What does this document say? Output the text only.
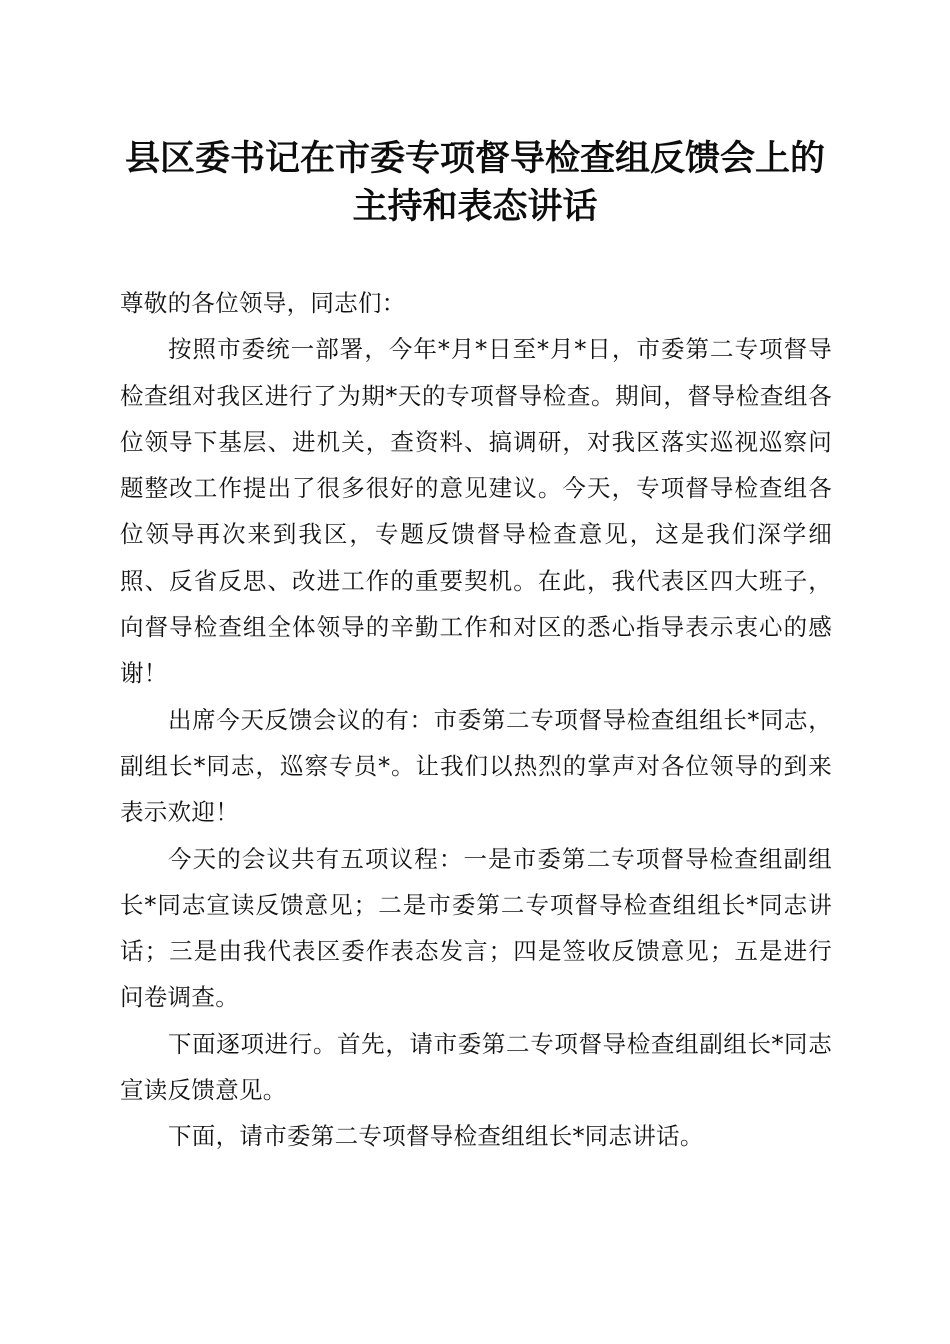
县区委书记在市委专项督导检查组反馈会上的
主持和表态讲话

尊敬的各位领导，同志们：

按照市委统一部署，今年*月*日至*月*日，市委第二专项督导检查组对我区进行了为期*天的专项督导检查。期间，督导检查组各位领导下基层、进机关，查资料、搞调研，对我区落实巡视巡察问题整改工作提出了很多很好的意见建议。今天，专项督导检查组各位领导再次来到我区，专题反馈督导检查意见，这是我们深学细照、反省反思、改进工作的重要契机。在此，我代表区四大班子，向督导检查组全体领导的辛勤工作和对区的悉心指导表示衷心的感谢！

出席今天反馈会议的有：市委第二专项督导检查组组长*同志，副组长*同志，巡察专员*。让我们以热烈的掌声对各位领导的到来表示欢迎！

今天的会议共有五项议程：一是市委第二专项督导检查组副组长*同志宣读反馈意见；二是市委第二专项督导检查组组长*同志讲话；三是由我代表区委作表态发言；四是签收反馈意见；五是进行问卷调查。

下面逐项进行。首先，请市委第二专项督导检查组副组长*同志宣读反馈意见。

下面，请市委第二专项督导检查组组长*同志讲话。
